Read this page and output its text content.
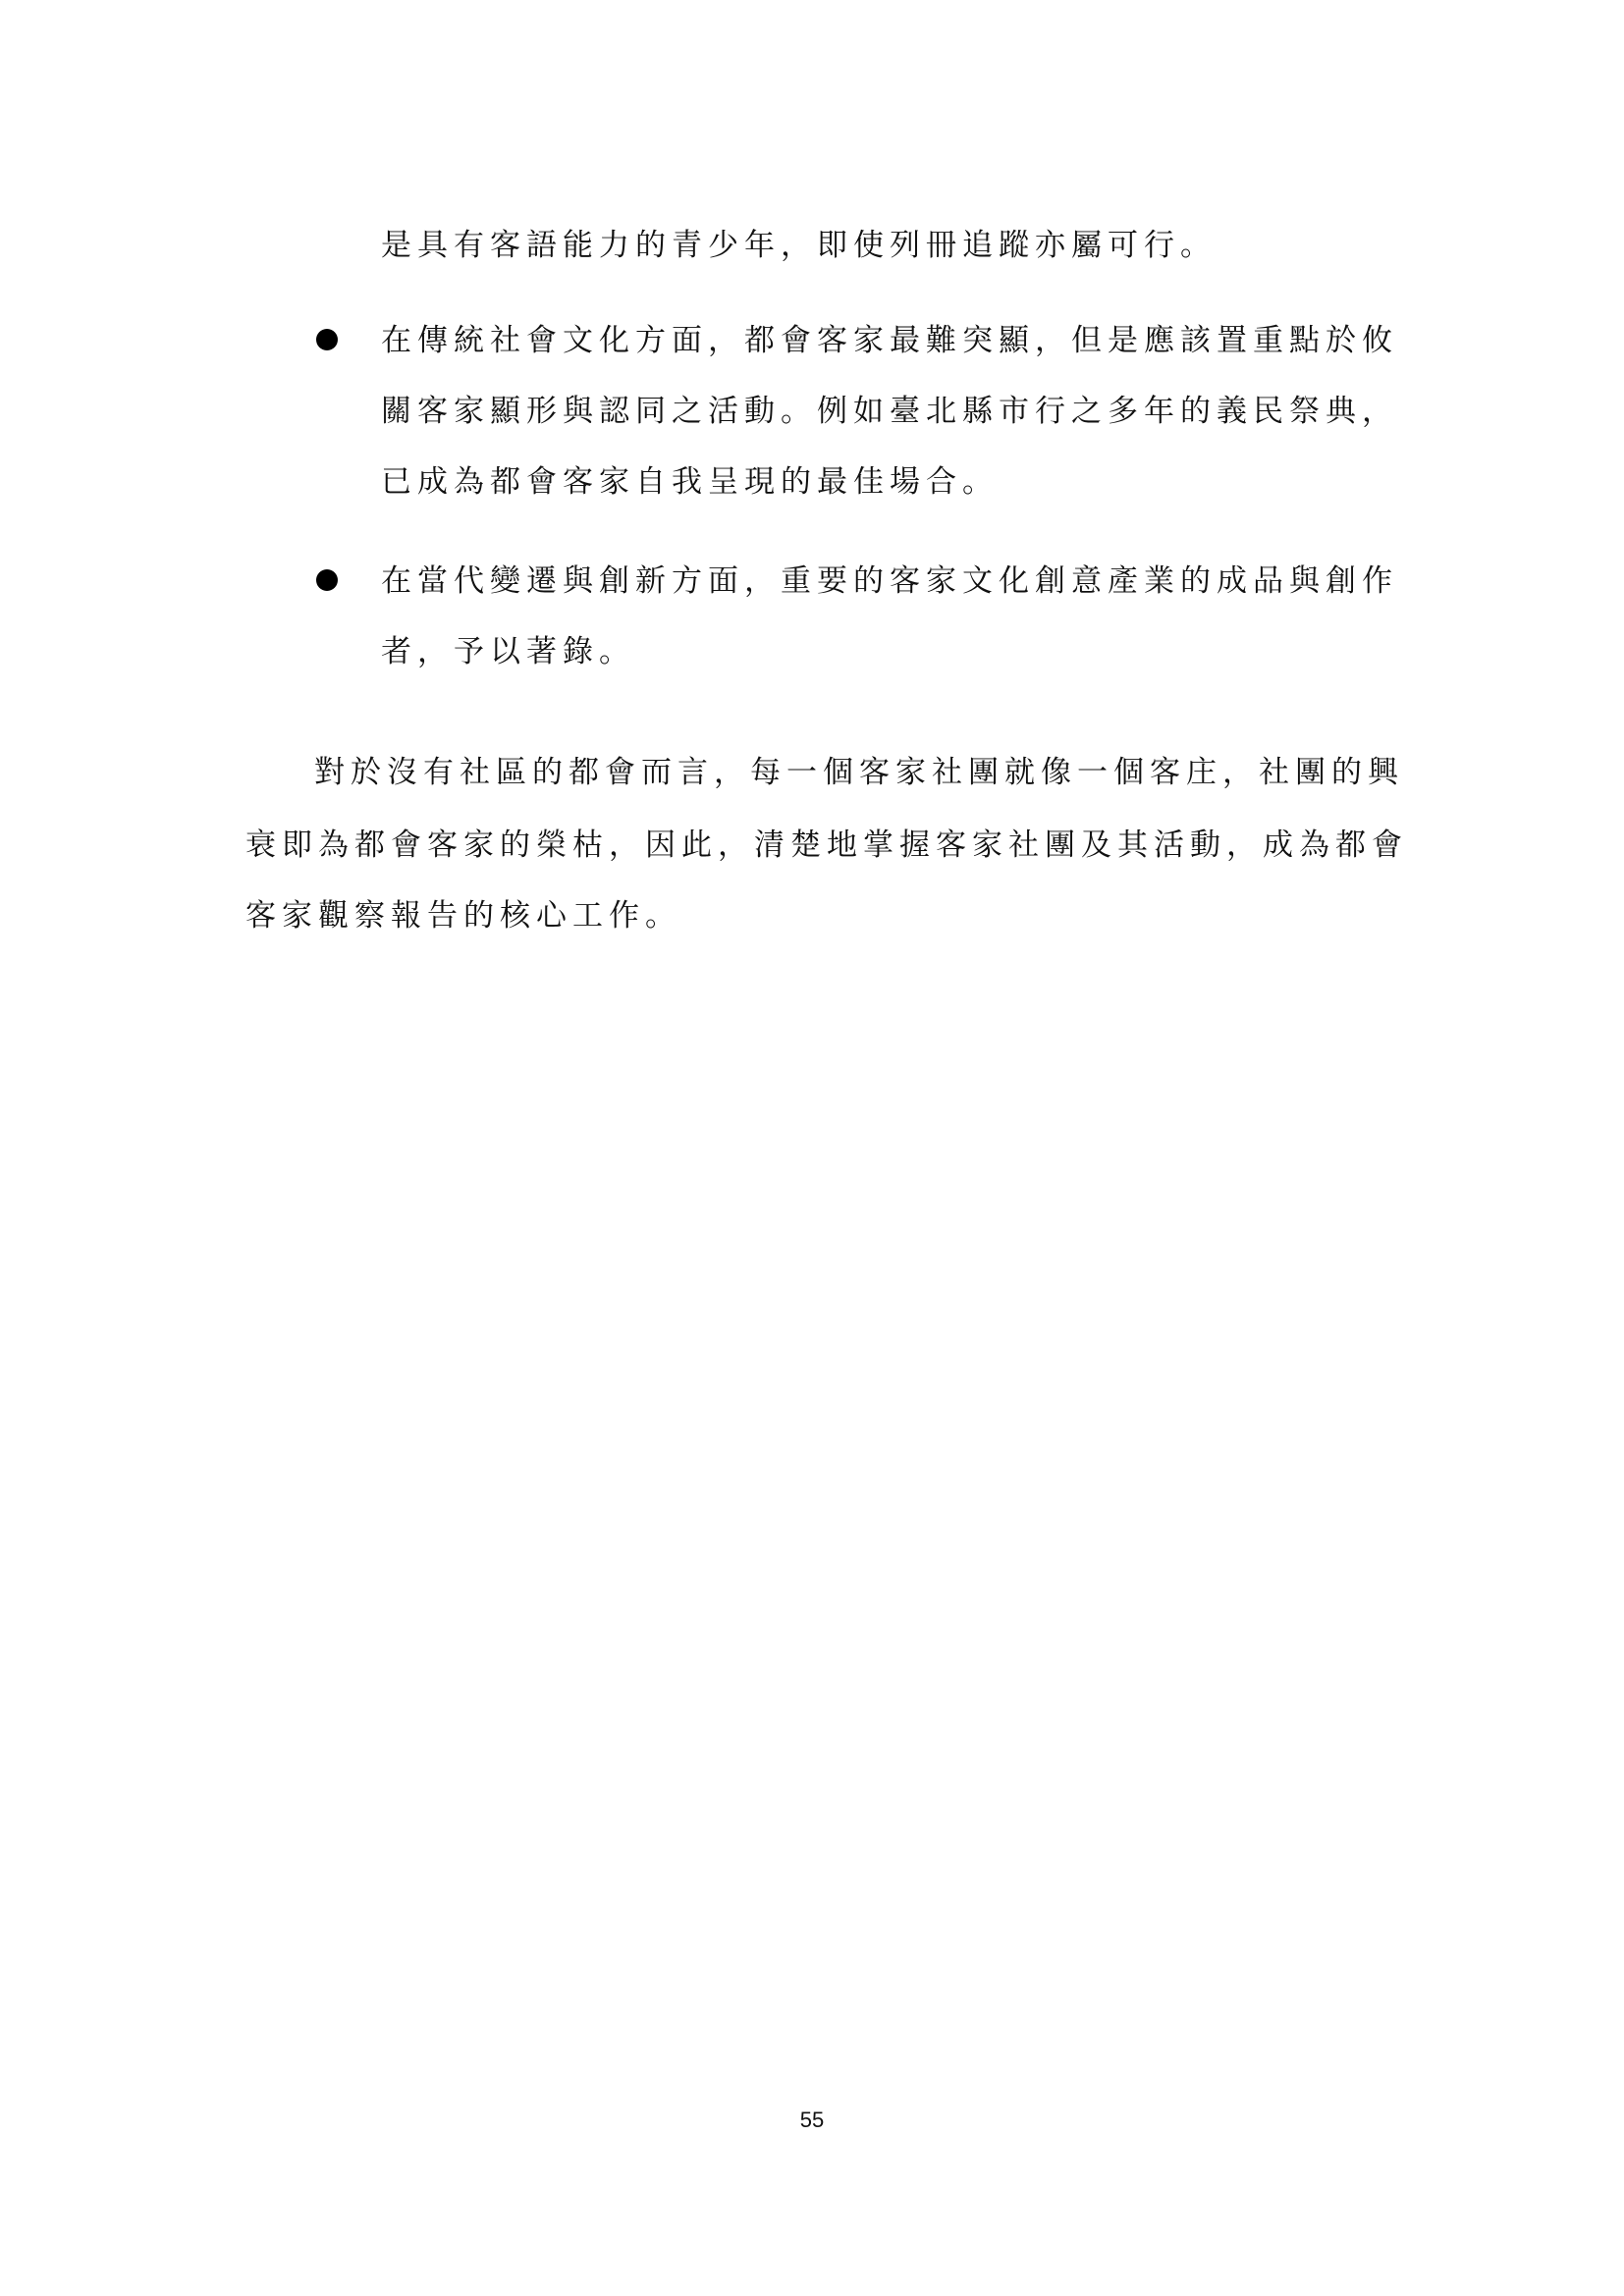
是具有客語能力的青少年，即使列冊追蹤亦屬可行。
在傳統社會文化方面，都會客家最難突顯，但是應該置重點於攸
關客家顯形與認同之活動。例如臺北縣市行之多年的義民祭典，
已成為都會客家自我呈現的最佳場合。
在當代變遷與創新方面，重要的客家文化創意產業的成品與創作
者，予以著錄。
對於沒有社區的都會而言，每一個客家社團就像一個客庄，社團的興
衰即為都會客家的榮枯，因此，清楚地掌握客家社團及其活動，成為都會
客家觀察報告的核心工作。
55
